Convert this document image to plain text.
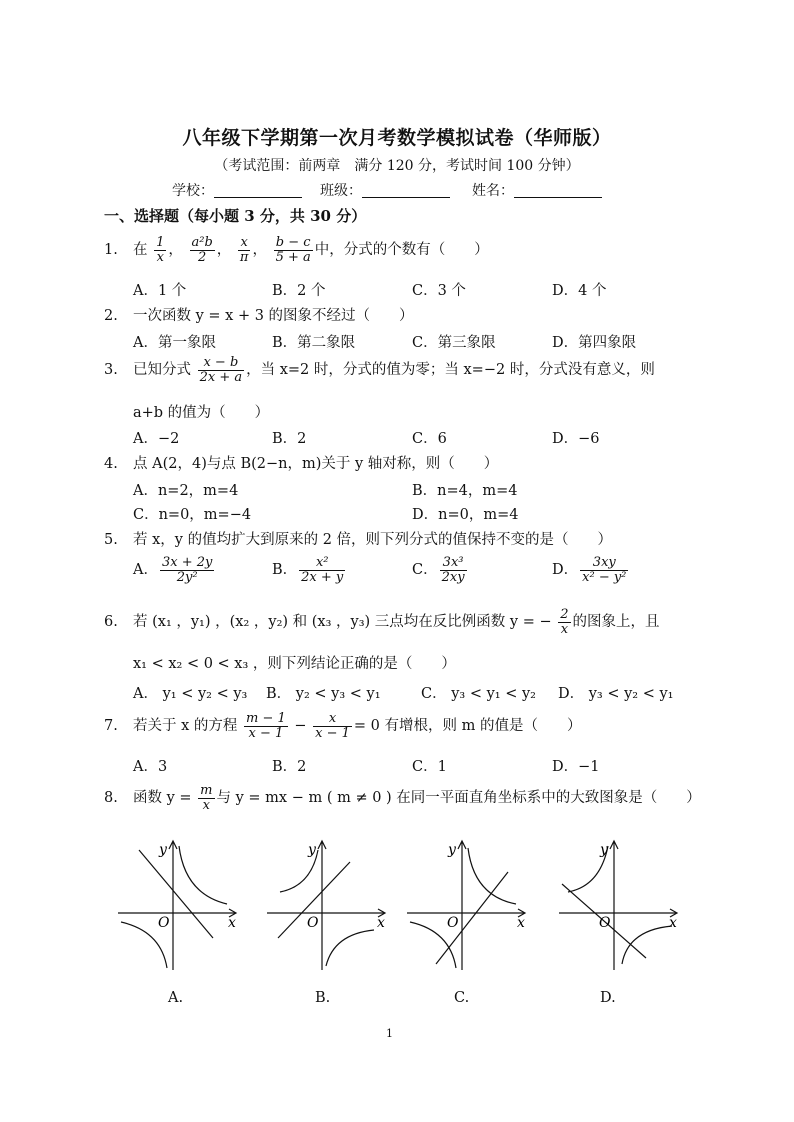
八年级下学期第一次月考数学模拟试卷（华师版）
（考试范围：前两章　满分 120 分，考试时间 100 分钟）
学校：	班级：	姓名：
一、选择题（每小题 3 分，共 30 分）
1. 在 $\frac{1}{x}$ ， $\frac{\text{a²b}}{2}$ ， $\frac{x}{\pi}$ ， $\frac{b - c}{5 + a}$ 中，分式的个数有（　　）
A．1 个	B．2 个	C．3 个	D．4 个
2. 一次函数 y = x + 3 的图象不经过（　　）
A．第一象限	B．第二象限	C．第三象限	D．第四象限
3. 已知分式 $\frac{x - b}{2x + a}$ ，当 x=2 时，分式的值为零；当 x=−2 时，分式没有意义，则
a+b 的值为（　　）
A．−2	B．2	C．6	D．−6
4. 点 A(2，4)与点 B(2−n，m)关于 y 轴对称，则（　　）
A．n=2，m=4	B．n=4，m=4
C．n=0，m=−4	D．n=0，m=4
5. 若 x，y 的值均扩大到原来的 2 倍，则下列分式的值保持不变的是（　　）
A． $\frac{3x + 2y}{\text{2y²}}$	B． $\frac{\text{x²}}{2x + y}$	C． $\frac{\text{3x³}}{2xy}$	D． $\frac{3xy}{\text{x² − y²}}$
6. 若 (x₁ ，y₁) ，(x₂ ，y₂) 和 (x₃ ，y₃) 三点均在反比例函数 y = − $\frac{2}{x}$ 的图象上，且
x₁ < x₂ < 0 < x₃ ，则下列结论正确的是（　　）
A． y₁ < y₂ < y₃ B． y₂ < y₃ < y₁	C． y₃ < y₁ < y₂ D． y₃ < y₂ < y₁
7. 若关于 x 的方程 $\frac{m - 1}{x - 1} - \frac{x}{x - 1} = 0$ 有增根，则 m 的值是（　　）
A．3	B．2	C．1	D．−1
8. 函数 $y = \frac{m}{x}$ 与 y = mx − m ( m ≠ 0 ) 在同一平面直角坐标系中的大致图象是（　　）
y
x
O
y
x
O
y
x
O
y
x
O
A.	B.	C.	D.
1
